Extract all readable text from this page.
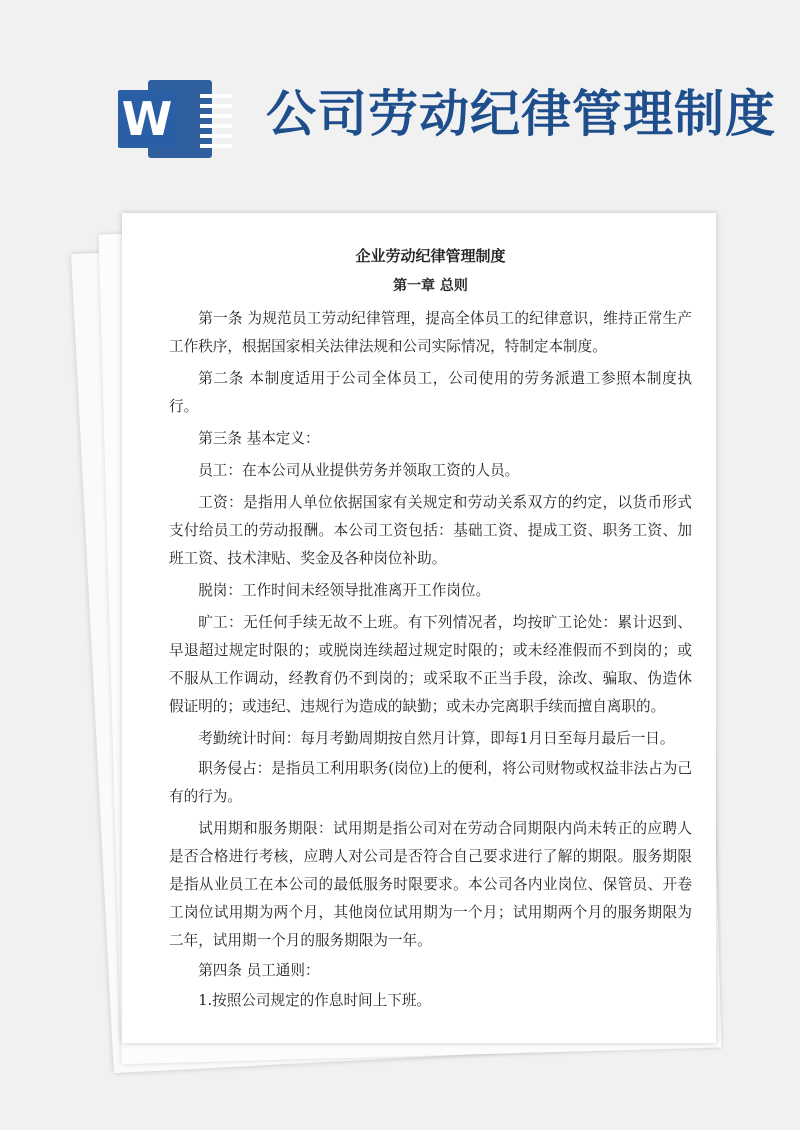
W 公司劳动纪律管理制度

企业劳动纪律管理制度

第一章 总则

第一条 为规范员工劳动纪律管理，提高全体员工的纪律意识，维持正常生产工作秩序，根据国家相关法律法规和公司实际情况，特制定本制度。

第二条 本制度适用于公司全体员工，公司使用的劳务派遣工参照本制度执行。

第三条 基本定义：

员工：在本公司从业提供劳务并领取工资的人员。

工资：是指用人单位依据国家有关规定和劳动关系双方的约定，以货币形式支付给员工的劳动报酬。本公司工资包括：基础工资、提成工资、职务工资、加班工资、技术津贴、奖金及各种岗位补助。

脱岗：工作时间未经领导批准离开工作岗位。

旷工：无任何手续无故不上班。有下列情况者，均按旷工论处：累计迟到、早退超过规定时限的；或脱岗连续超过规定时限的；或未经准假而不到岗的；或不服从工作调动，经教育仍不到岗的；或采取不正当手段，涂改、骗取、伪造休假证明的；或违纪、违规行为造成的缺勤；或未办完离职手续而擅自离职的。

考勤统计时间：每月考勤周期按自然月计算，即每1月日至每月最后一日。

职务侵占：是指员工利用职务(岗位)上的便利，将公司财物或权益非法占为己有的行为。

试用期和服务期限：试用期是指公司对在劳动合同期限内尚未转正的应聘人是否合格进行考核，应聘人对公司是否符合自己要求进行了解的期限。服务期限是指从业员工在本公司的最低服务时限要求。本公司各内业岗位、保管员、开卷工岗位试用期为两个月，其他岗位试用期为一个月；试用期两个月的服务期限为二年，试用期一个月的服务期限为一年。

第四条 员工通则：

1.按照公司规定的作息时间上下班。
